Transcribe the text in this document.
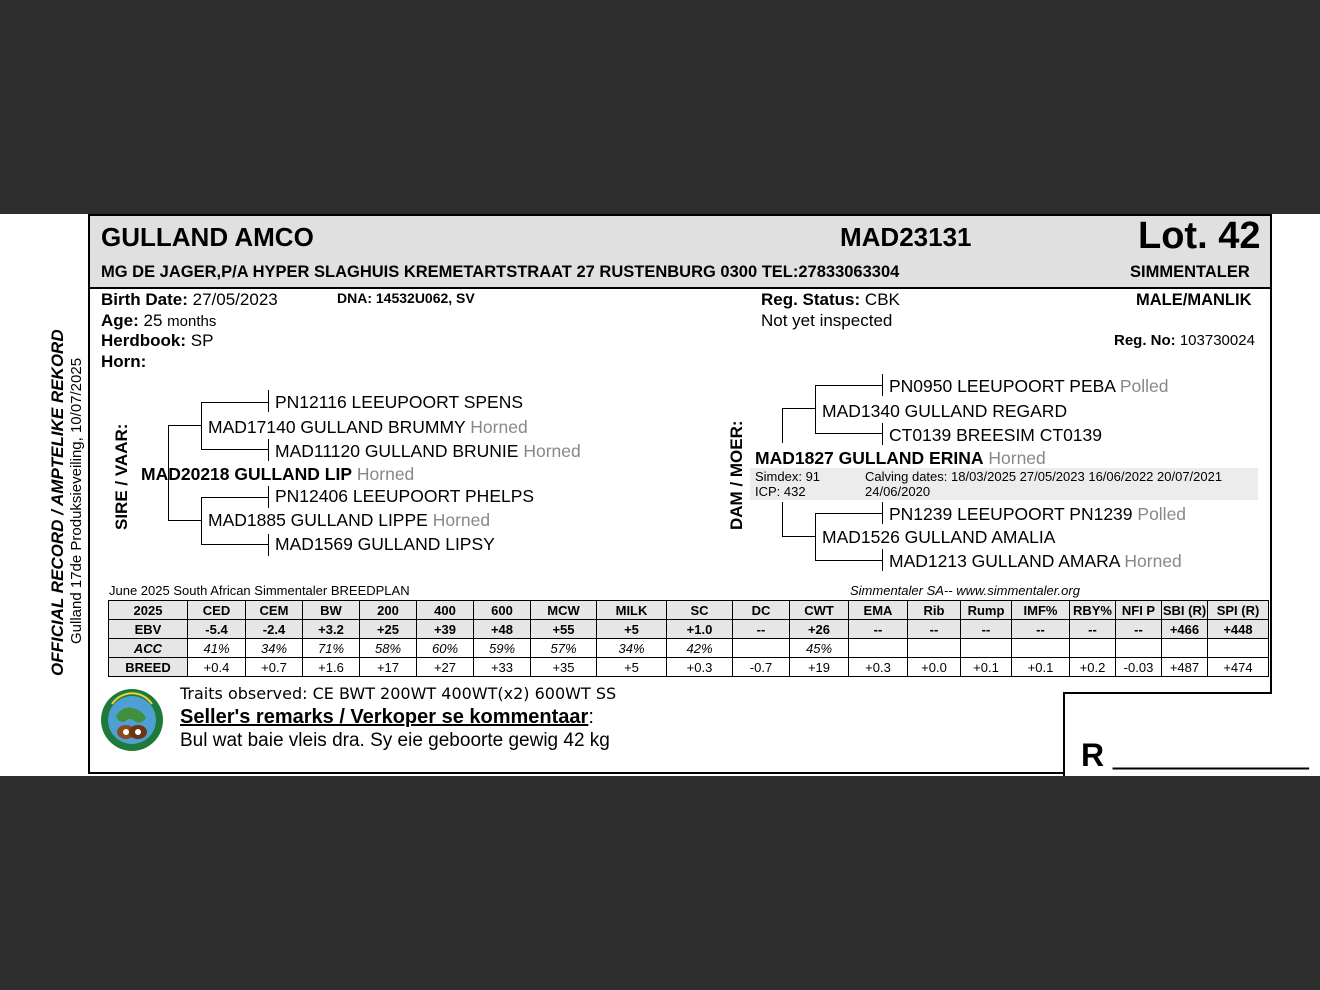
GULLAND AMCO	MAD23131	Lot. 42
MG DE JAGER,P/A HYPER SLAGHUIS KREMETARTSTRAAT 27 RUSTENBURG 0300 TEL:27833063304	SIMMENTALER
Birth Date: 27/05/2023	DNA: 14532U062, SV
Age: 25 months
Herdbook: SP
Horn:
Reg. Status: CBK
Not yet inspected
MALE/MANLIK
Reg. No: 103730024
OFFICIAL RECORD / AMPTELIKE REKORD Gulland 17de Produksieveiling, 10/07/2025 SIRE / VAAR:	DAM / MOER:
PN12116 LEEUPOORT SPENS
MAD17140 GULLAND BRUMMY Horned
MAD11120 GULLAND BRUNIE Horned
MAD20218 GULLAND LIP Horned
PN12406 LEEUPOORT PHELPS
MAD1885 GULLAND LIPPE Horned
MAD1569 GULLAND LIPSY
PN0950 LEEUPOORT PEBA Polled
MAD1340 GULLAND REGARD
CT0139 BREESIM CT0139
MAD1827 GULLAND ERINA Horned
Simdex: 91
ICP: 432
Calving dates: 18/03/2025 27/05/2023 16/06/2022 20/07/2021
24/06/2020
PN1239 LEEUPOORT PN1239 Polled
MAD1526 GULLAND AMALIA
MAD1213 GULLAND AMARA Horned
June 2025 South African Simmentaler BREEDPLAN	Simmentaler SA-- www.simmentaler.org
2025	CED	CEM	BW	200	400	600	MCW	MILK	SC	DC	CWT	EMA	Rib	Rump	IMF%	RBY%	NFI P	SBI (R)	SPI (R)
EBV	-5.4	-2.4	+3.2	+25	+39	+48	+55	+5	+1.0	--	+26	--	--	--	--	--	--	+466	+448
ACC	41%	34%	71%	58%	60%	59%	57%	34%	42%		45%								
BREED	+0.4	+0.7	+1.6	+17	+27	+33	+35	+5	+0.3	-0.7	+19	+0.3	+0.0	+0.1	+0.1	+0.2	-0.03	+487	+474
Traits observed: CE BWT 200WT 400WT(x2) 600WT SS
Seller's remarks / Verkoper se kommentaar:
Bul wat baie vleis dra. Sy eie geboorte gewig 42 kg	R ___________
